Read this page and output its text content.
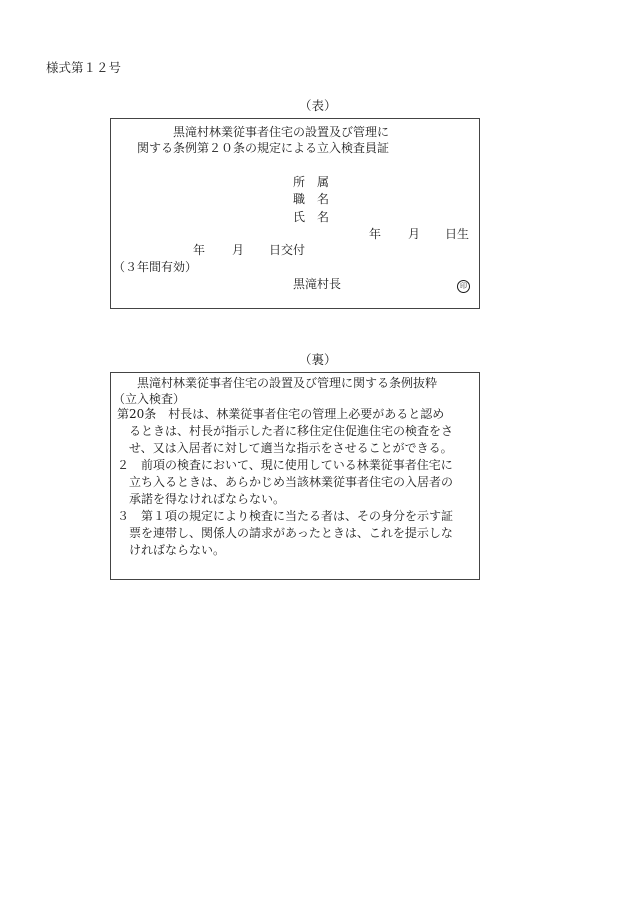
様式第１２号
（表）
黒滝村林業従事者住宅の設置及び管理に
関する条例第２０条の規定による立入検査員証
所　属
職　名
氏　名
年 月 日生
年 月 日交付
（３年間有効）
黒滝村長	印
（裏）
黒滝村林業従事者住宅の設置及び管理に関する条例抜粋
（立入検査）
第20条　村長は、林業従事者住宅の管理上必要があると認め
　るときは、村長が指示した者に移住定住促進住宅の検査をさ
　せ、又は入居者に対して適当な指示をさせることができる。
２　前項の検査において、現に使用している林業従事者住宅に
　立ち入るときは、あらかじめ当該林業従事者住宅の入居者の
　承諾を得なければならない。
３　第１項の規定により検査に当たる者は、その身分を示す証
　票を連帯し、関係人の請求があったときは、これを提示しな
　ければならない。
